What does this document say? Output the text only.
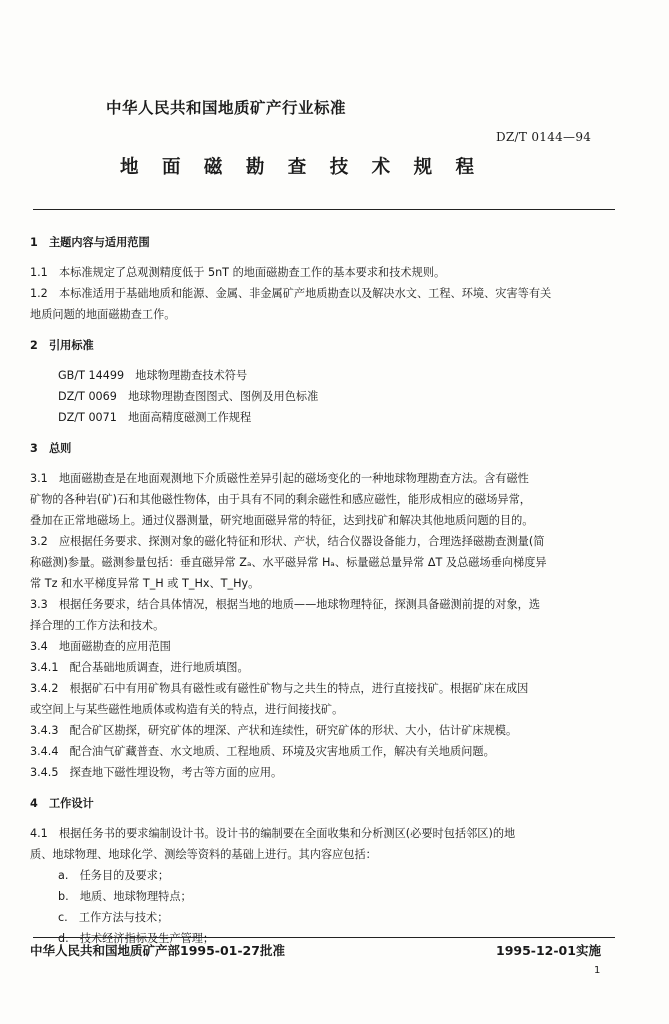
中华人民共和国地质矿产行业标准
DZ/T 0144—94
地 面 磁 勘 查 技 术 规 程

1　主题内容与适用范围

1.1　本标准规定了总观测精度低于 5nT 的地面磁勘查工作的基本要求和技术规则。

1.2　本标准适用于基础地质和能源、金属、非金属矿产地质勘查以及解决水文、工程、环境、灾害等有关

地质问题的地面磁勘查工作。

2　引用标准

GB/T 14499　地球物理勘查技术符号

DZ/T 0069　地球物理勘查图图式、图例及用色标准

DZ/T 0071　地面高精度磁测工作规程

3　总则

3.1　地面磁勘查是在地面观测地下介质磁性差异引起的磁场变化的一种地球物理勘查方法。含有磁性

矿物的各种岩(矿)石和其他磁性物体，由于具有不同的剩余磁性和感应磁性，能形成相应的磁场异常，

叠加在正常地磁场上。通过仪器测量，研究地面磁异常的特征，达到找矿和解决其他地质问题的目的。

3.2　应根据任务要求、探测对象的磁化特征和形状、产状，结合仪器设备能力，合理选择磁勘查测量(简

称磁测)参量。磁测参量包括：垂直磁异常 Zₐ、水平磁异常 Hₐ、标量磁总量异常 ΔT 及总磁场垂向梯度异

常 Tz 和水平梯度异常 T_H 或 T_Hx、T_Hy。

3.3　根据任务要求，结合具体情况，根据当地的地质——地球物理特征，探测具备磁测前提的对象，选

择合理的工作方法和技术。

3.4　地面磁勘查的应用范围

3.4.1　配合基础地质调查，进行地质填图。

3.4.2　根据矿石中有用矿物具有磁性或有磁性矿物与之共生的特点，进行直接找矿。根据矿床在成因

或空间上与某些磁性地质体或构造有关的特点，进行间接找矿。

3.4.3　配合矿区勘探，研究矿体的埋深、产状和连续性，研究矿体的形状、大小，估计矿床规模。

3.4.4　配合油气矿藏普查、水文地质、工程地质、环境及灾害地质工作，解决有关地质问题。

3.4.5　探查地下磁性埋设物，考古等方面的应用。

4　工作设计

4.1　根据任务书的要求编制设计书。设计书的编制要在全面收集和分析测区(必要时包括邻区)的地

质、地球物理、地球化学、测绘等资料的基础上进行。其内容应包括：

a.　任务目的及要求；

b.　地质、地球物理特点；

c.　工作方法与技术；

d.　技术经济指标及生产管理；

中华人民共和国地质矿产部1995-01-27批准	1995-12-01实施
1
